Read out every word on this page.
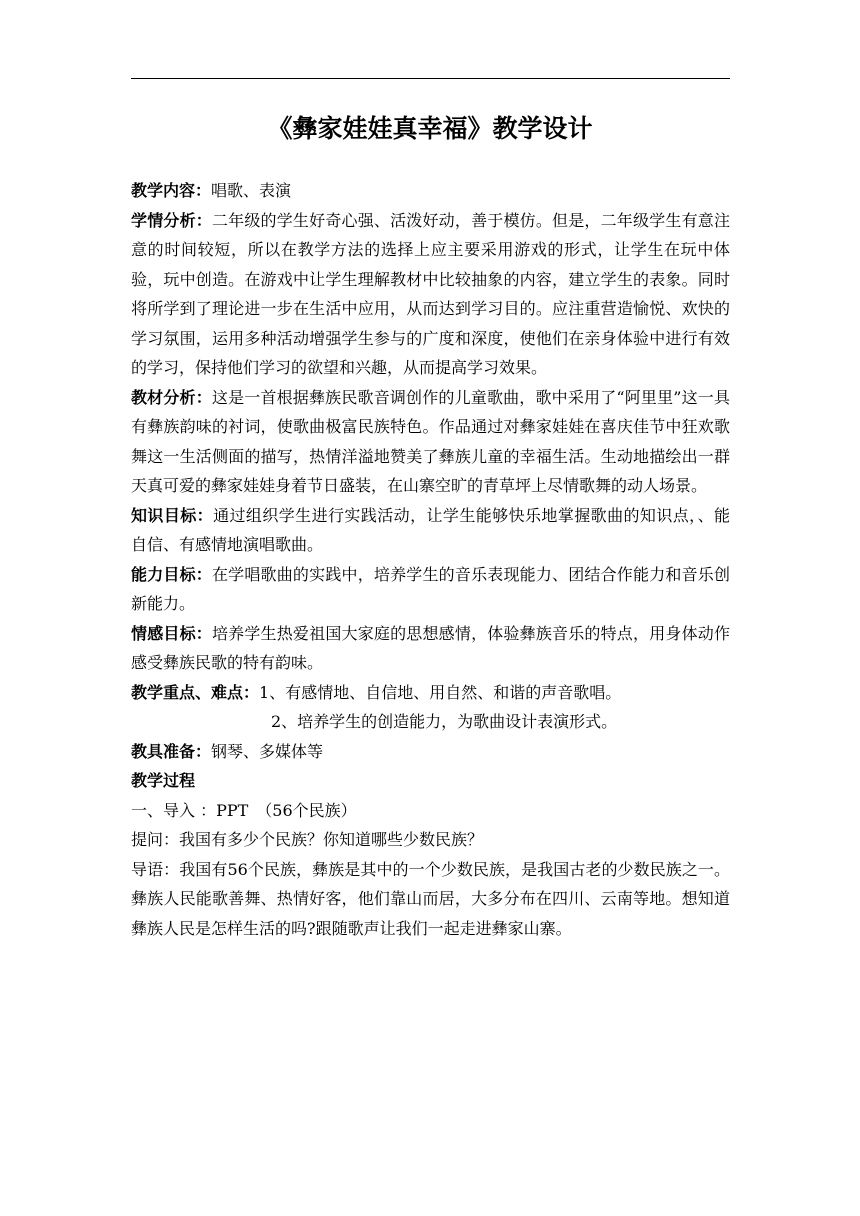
《彝家娃娃真幸福》教学设计

教学内容：唱歌、表演

学情分析：二年级的学生好奇心强、活泼好动，善于模仿。但是，二年级学生有意注意的时间较短，所以在教学方法的选择上应主要采用游戏的形式，让学生在玩中体验，玩中创造。在游戏中让学生理解教材中比较抽象的内容，建立学生的表象。同时将所学到了理论进一步在生活中应用，从而达到学习目的。应注重营造愉悦、欢快的学习氛围，运用多种活动增强学生参与的广度和深度，使他们在亲身体验中进行有效的学习，保持他们学习的欲望和兴趣，从而提高学习效果。

教材分析：这是一首根据彝族民歌音调创作的儿童歌曲，歌中采用了“阿里里”这一具有彝族韵味的衬词，使歌曲极富民族特色。作品通过对彝家娃娃在喜庆佳节中狂欢歌舞这一生活侧面的描写，热情洋溢地赞美了彝族儿童的幸福生活。生动地描绘出一群天真可爱的彝家娃娃身着节日盛装，在山寨空旷的青草坪上尽情歌舞的动人场景。

知识目标：通过组织学生进行实践活动，让学生能够快乐地掌握歌曲的知识点，、能自信、有感情地演唱歌曲。

能力目标：在学唱歌曲的实践中，培养学生的音乐表现能力、团结合作能力和音乐创新能力。

情感目标：培养学生热爱祖国大家庭的思想感情，体验彝族音乐的特点，用身体动作感受彝族民歌的特有韵味。

教学重点、难点：1、有感情地、自信地、用自然、和谐的声音歌唱。

2、培养学生的创造能力，为歌曲设计表演形式。

教具准备：钢琴、多媒体等

教学过程

一、导入 ：PPT　（56个民族）

提问：我国有多少个民族？你知道哪些少数民族？

导语：我国有56个民族，彝族是其中的一个少数民族，是我国古老的少数民族之一。彝族人民能歌善舞、热情好客，他们靠山而居，大多分布在四川、云南等地。想知道彝族人民是怎样生活的吗?跟随歌声让我们一起走进彝家山寨。
